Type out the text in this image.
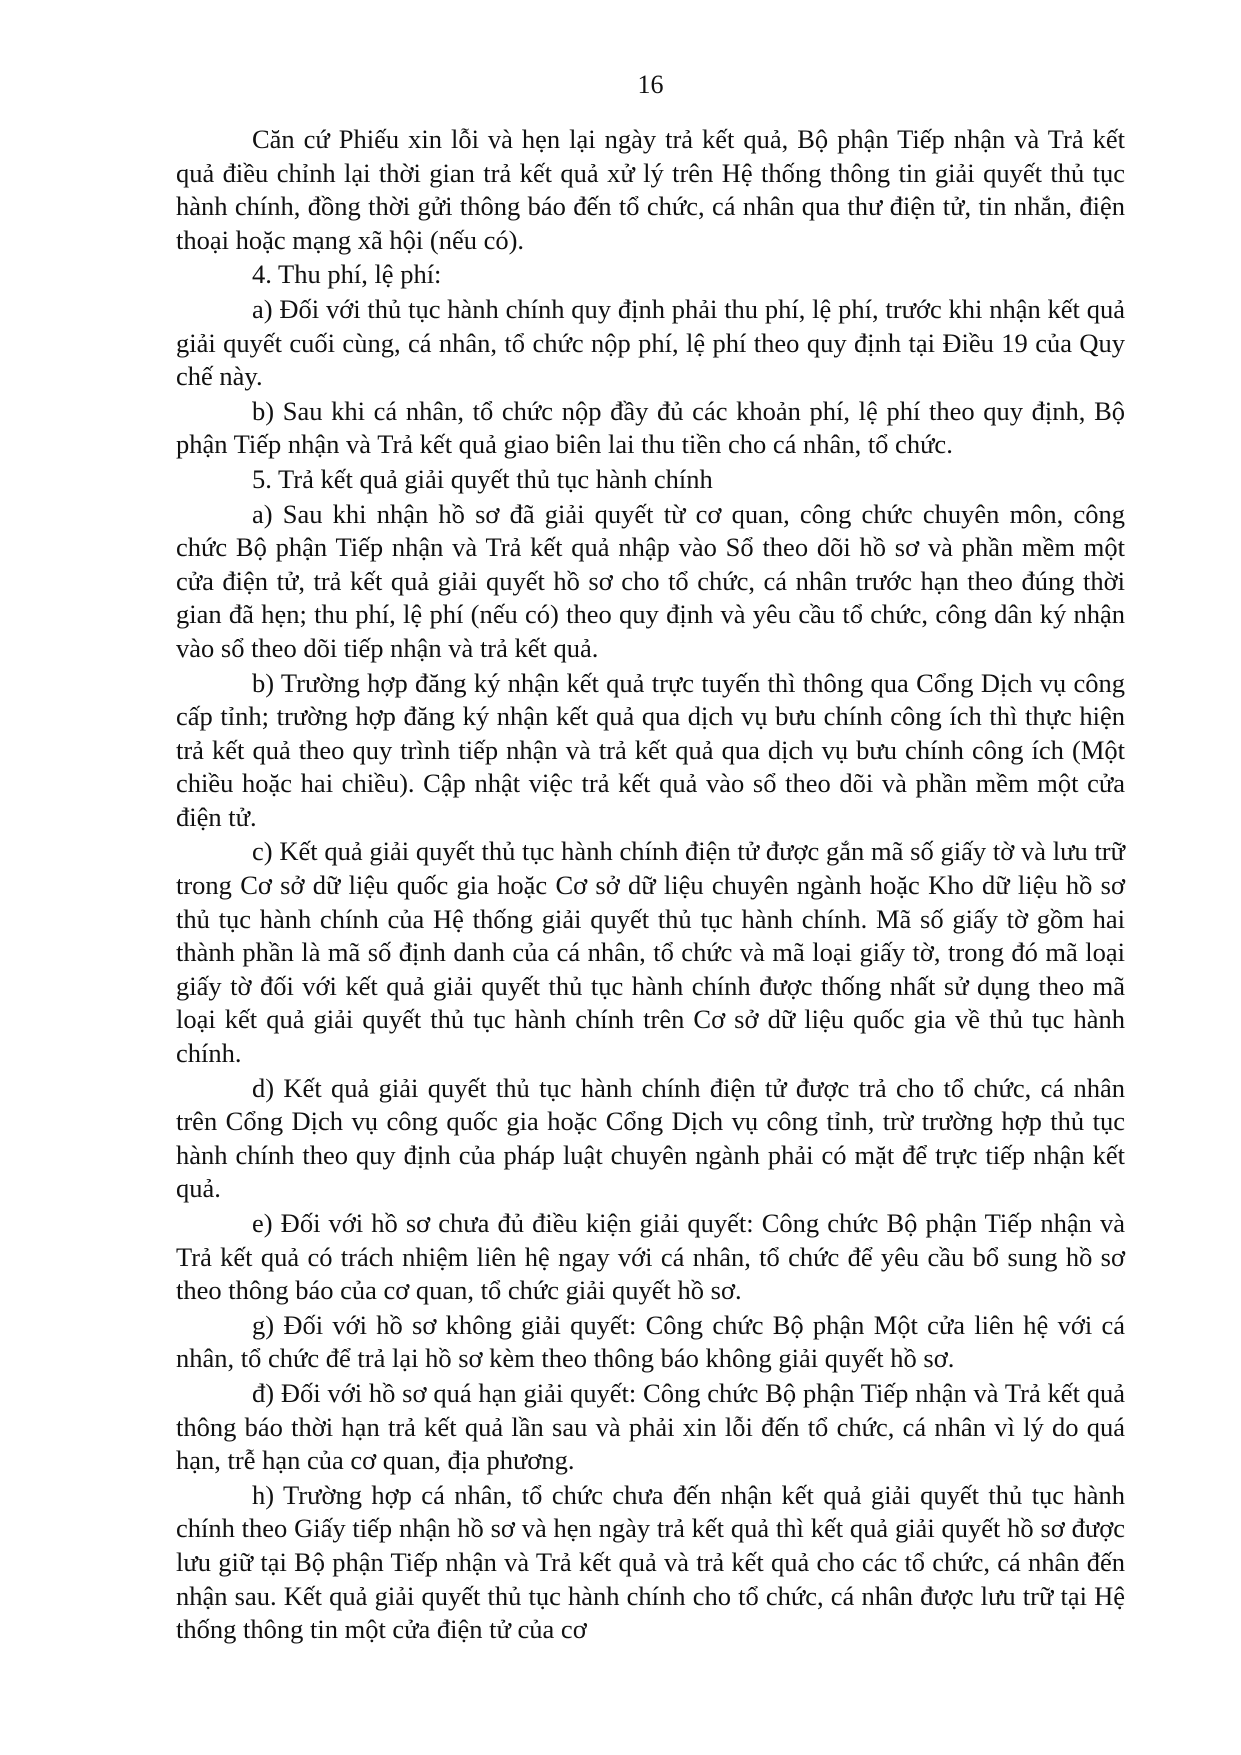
16

Căn cứ Phiếu xin lỗi và hẹn lại ngày trả kết quả, Bộ phận Tiếp nhận và Trả kết quả điều chỉnh lại thời gian trả kết quả xử lý trên Hệ thống thông tin giải quyết thủ tục hành chính, đồng thời gửi thông báo đến tổ chức, cá nhân qua thư điện tử, tin nhắn, điện thoại hoặc mạng xã hội (nếu có).

4. Thu phí, lệ phí:

a) Đối với thủ tục hành chính quy định phải thu phí, lệ phí, trước khi nhận kết quả giải quyết cuối cùng, cá nhân, tổ chức nộp phí, lệ phí theo quy định tại Điều 19 của Quy chế này.

b) Sau khi cá nhân, tổ chức nộp đầy đủ các khoản phí, lệ phí theo quy định, Bộ phận Tiếp nhận và Trả kết quả giao biên lai thu tiền cho cá nhân, tổ chức.

5. Trả kết quả giải quyết thủ tục hành chính

a) Sau khi nhận hồ sơ đã giải quyết từ cơ quan, công chức chuyên môn, công chức Bộ phận Tiếp nhận và Trả kết quả nhập vào Sổ theo dõi hồ sơ và phần mềm một cửa điện tử, trả kết quả giải quyết hồ sơ cho tổ chức, cá nhân trước hạn theo đúng thời gian đã hẹn; thu phí, lệ phí (nếu có) theo quy định và yêu cầu tổ chức, công dân ký nhận vào sổ theo dõi tiếp nhận và trả kết quả.

b) Trường hợp đăng ký nhận kết quả trực tuyến thì thông qua Cổng Dịch vụ công cấp tỉnh; trường hợp đăng ký nhận kết quả qua dịch vụ bưu chính công ích thì thực hiện trả kết quả theo quy trình tiếp nhận và trả kết quả qua dịch vụ bưu chính công ích (Một chiều hoặc hai chiều). Cập nhật việc trả kết quả vào sổ theo dõi và phần mềm một cửa điện tử.

c) Kết quả giải quyết thủ tục hành chính điện tử được gắn mã số giấy tờ và lưu trữ trong Cơ sở dữ liệu quốc gia hoặc Cơ sở dữ liệu chuyên ngành hoặc Kho dữ liệu hồ sơ thủ tục hành chính của Hệ thống giải quyết thủ tục hành chính. Mã số giấy tờ gồm hai thành phần là mã số định danh của cá nhân, tổ chức và mã loại giấy tờ, trong đó mã loại giấy tờ đối với kết quả giải quyết thủ tục hành chính được thống nhất sử dụng theo mã loại kết quả giải quyết thủ tục hành chính trên Cơ sở dữ liệu quốc gia về thủ tục hành chính.

d) Kết quả giải quyết thủ tục hành chính điện tử được trả cho tổ chức, cá nhân trên Cổng Dịch vụ công quốc gia hoặc Cổng Dịch vụ công tỉnh, trừ trường hợp thủ tục hành chính theo quy định của pháp luật chuyên ngành phải có mặt để trực tiếp nhận kết quả.

e) Đối với hồ sơ chưa đủ điều kiện giải quyết: Công chức Bộ phận Tiếp nhận và Trả kết quả có trách nhiệm liên hệ ngay với cá nhân, tổ chức để yêu cầu bổ sung hồ sơ theo thông báo của cơ quan, tổ chức giải quyết hồ sơ.

g) Đối với hồ sơ không giải quyết: Công chức Bộ phận Một cửa liên hệ với cá nhân, tổ chức để trả lại hồ sơ kèm theo thông báo không giải quyết hồ sơ.

đ) Đối với hồ sơ quá hạn giải quyết: Công chức Bộ phận Tiếp nhận và Trả kết quả thông báo thời hạn trả kết quả lần sau và phải xin lỗi đến tổ chức, cá nhân vì lý do quá hạn, trễ hạn của cơ quan, địa phương.

h) Trường hợp cá nhân, tổ chức chưa đến nhận kết quả giải quyết thủ tục hành chính theo Giấy tiếp nhận hồ sơ và hẹn ngày trả kết quả thì kết quả giải quyết hồ sơ được lưu giữ tại Bộ phận Tiếp nhận và Trả kết quả và trả kết quả cho các tổ chức, cá nhân đến nhận sau. Kết quả giải quyết thủ tục hành chính cho tổ chức, cá nhân được lưu trữ tại Hệ thống thông tin một cửa điện tử của cơ
